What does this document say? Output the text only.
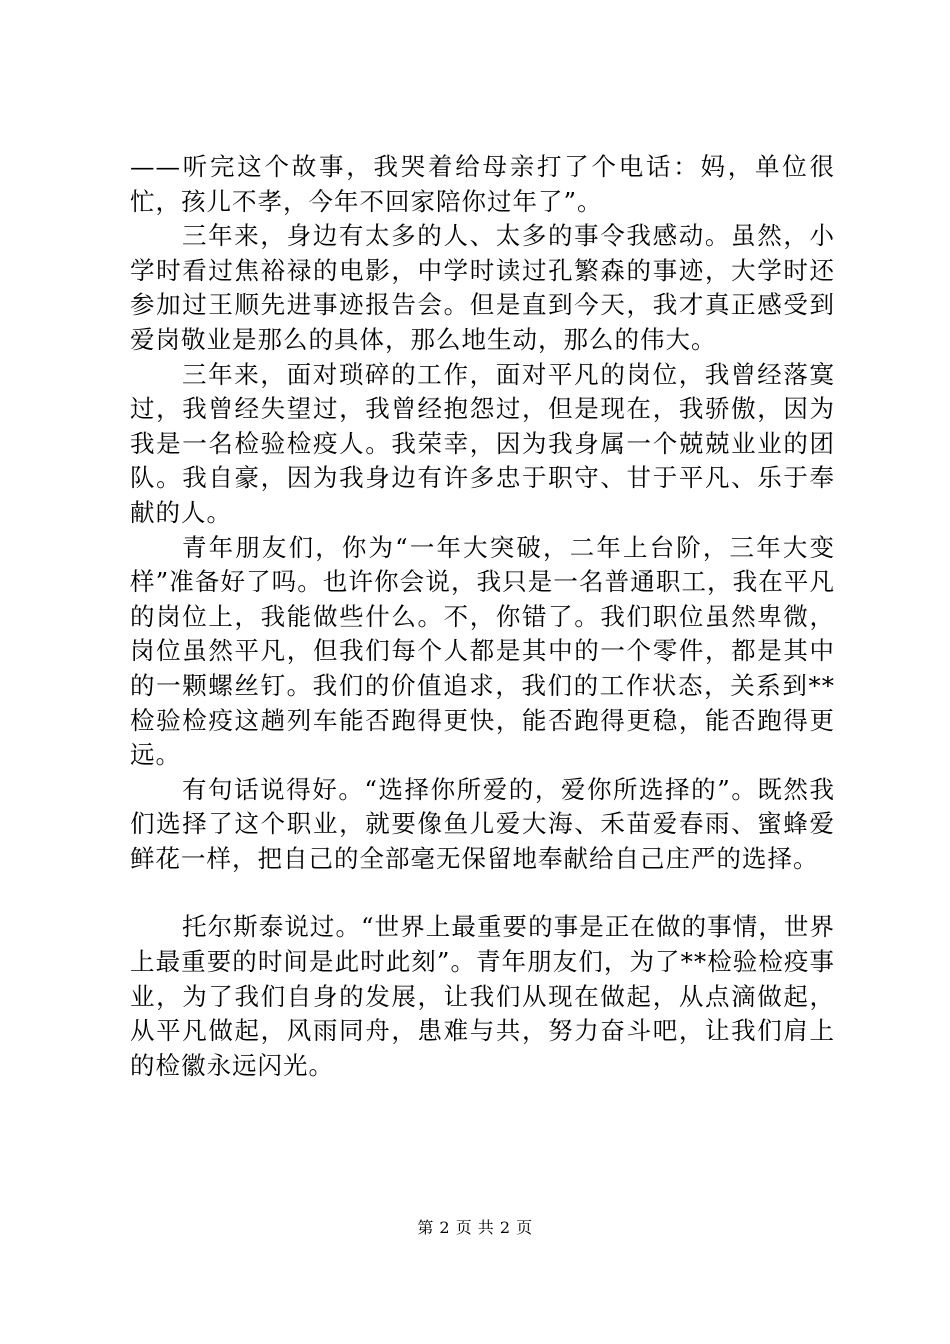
——听完这个故事，我哭着给母亲打了个电话：妈，单位很忙，孩儿不孝，今年不回家陪你过年了”。

三年来，身边有太多的人、太多的事令我感动。虽然，小学时看过焦裕禄的电影，中学时读过孔繁森的事迹，大学时还参加过王顺先进事迹报告会。但是直到今天，我才真正感受到爱岗敬业是那么的具体，那么地生动，那么的伟大。

三年来，面对琐碎的工作，面对平凡的岗位，我曾经落寞过，我曾经失望过，我曾经抱怨过，但是现在，我骄傲，因为我是一名检验检疫人。我荣幸，因为我身属一个兢兢业业的团队。我自豪，因为我身边有许多忠于职守、甘于平凡、乐于奉献的人。

青年朋友们，你为“一年大突破，二年上台阶，三年大变样”准备好了吗。也许你会说，我只是一名普通职工，我在平凡的岗位上，我能做些什么。不，你错了。我们职位虽然卑微，岗位虽然平凡，但我们每个人都是其中的一个零件，都是其中的一颗螺丝钉。我们的价值追求，我们的工作状态，关系到**检验检疫这趟列车能否跑得更快，能否跑得更稳，能否跑得更远。

有句话说得好。“选择你所爱的，爱你所选择的”。既然我们选择了这个职业，就要像鱼儿爱大海、禾苗爱春雨、蜜蜂爱鲜花一样，把自己的全部毫无保留地奉献给自己庄严的选择。

托尔斯泰说过。“世界上最重要的事是正在做的事情，世界上最重要的时间是此时此刻”。青年朋友们，为了**检验检疫事业，为了我们自身的发展，让我们从现在做起，从点滴做起，从平凡做起，风雨同舟，患难与共，努力奋斗吧，让我们肩上的检徽永远闪光。

第 2 页 共 2 页
